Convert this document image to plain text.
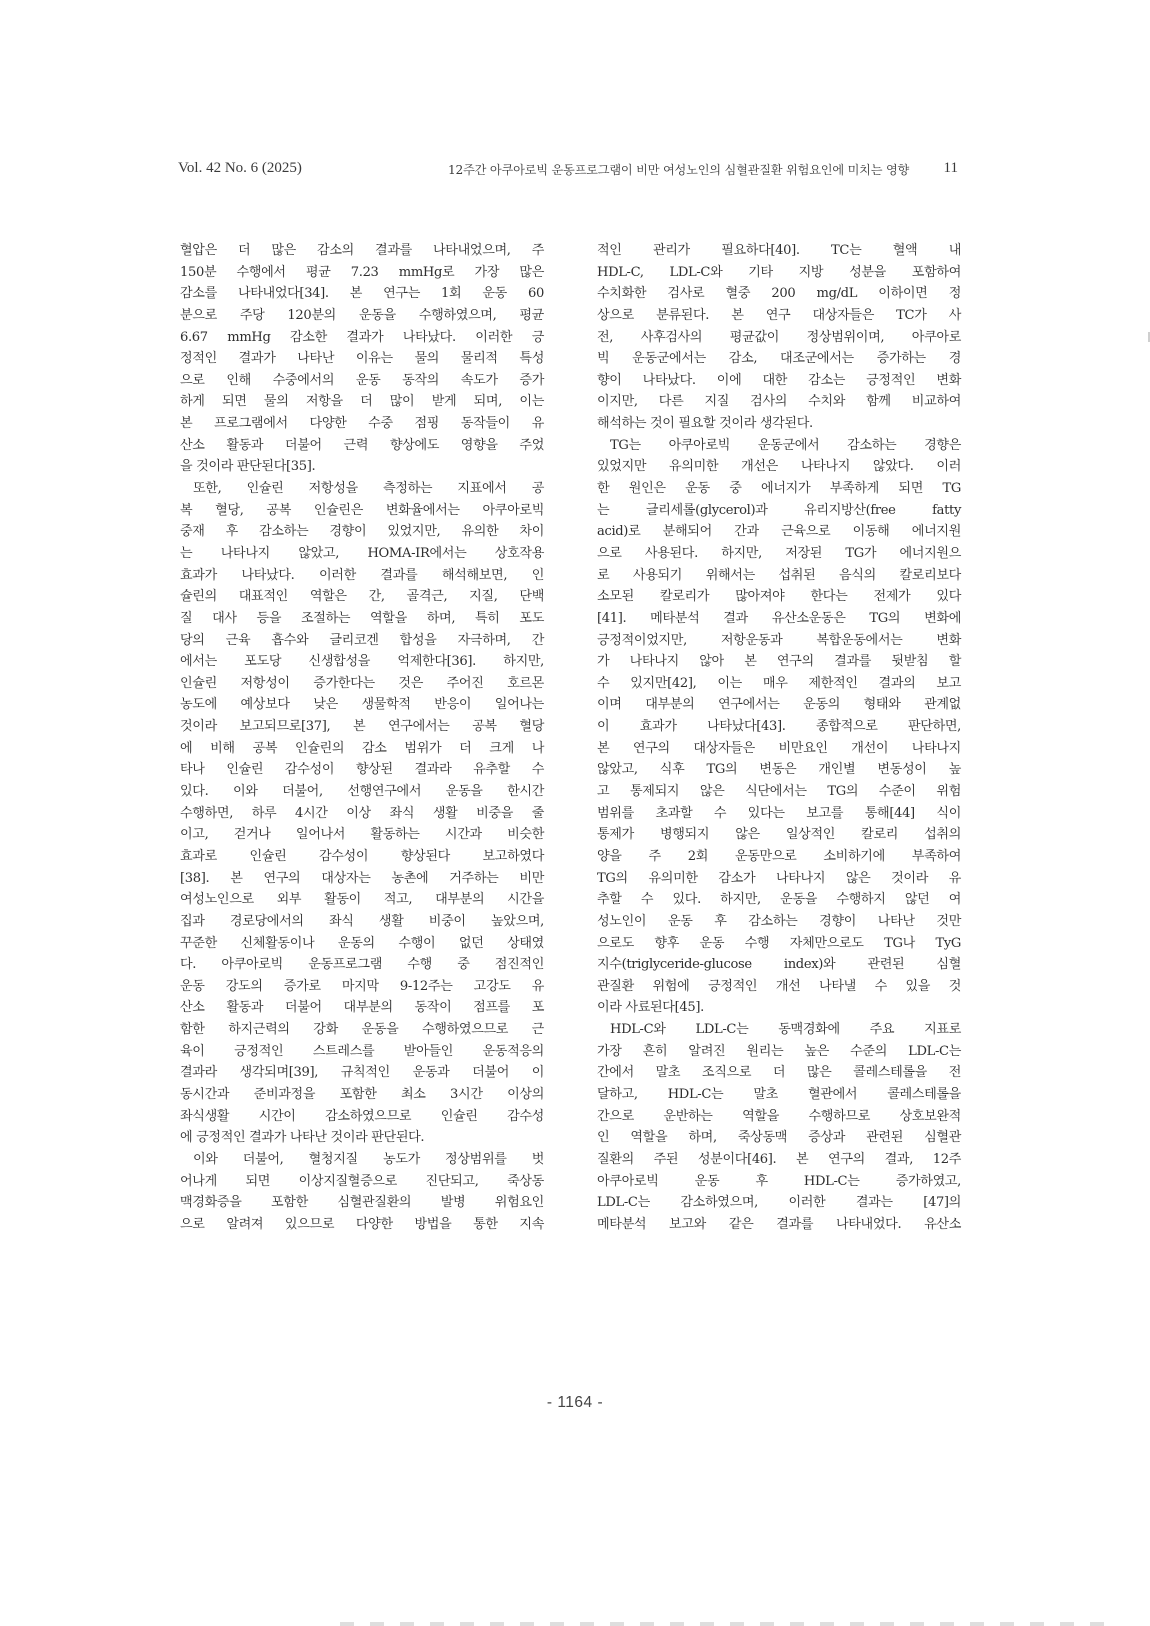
Vol. 42 No. 6 (2025)	12주간 아쿠아로빅 운동프로그램이 비만 여성노인의 심혈관질환 위험요인에 미치는 영향 11
혈압은 더 많은 감소의 결과를 나타내었으며, 주
150분 수행에서 평균 7.23 mmHg로 가장 많은
감소를 나타내었다[34]. 본 연구는 1회 운동 60
분으로 주당 120분의 운동을 수행하였으며, 평균
6.67 mmHg 감소한 결과가 나타났다. 이러한 긍
정적인 결과가 나타난 이유는 물의 물리적 특성
으로 인해 수중에서의 운동 동작의 속도가 증가
하게 되면 물의 저항을 더 많이 받게 되며, 이는
본 프로그램에서 다양한 수중 점핑 동작들이 유
산소 활동과 더불어 근력 향상에도 영향을 주었
을 것이라 판단된다[35].
또한, 인슐린 저항성을 측정하는 지표에서 공
복 혈당, 공복 인슐린은 변화율에서는 아쿠아로빅
중재 후 감소하는 경향이 있었지만, 유의한 차이
는 나타나지 않았고, HOMA-IR에서는 상호작용
효과가 나타났다. 이러한 결과를 해석해보면, 인
슐린의 대표적인 역할은 간, 골격근, 지질, 단백
질 대사 등을 조절하는 역할을 하며, 특히 포도
당의 근육 흡수와 글리코겐 합성을 자극하며, 간
에서는 포도당 신생합성을 억제한다[36]. 하지만,
인슐린 저항성이 증가한다는 것은 주어진 호르몬
농도에 예상보다 낮은 생물학적 반응이 일어나는
것이라 보고되므로[37], 본 연구에서는 공복 혈당
에 비해 공복 인슐린의 감소 범위가 더 크게 나
타나 인슐린 감수성이 향상된 결과라 유추할 수
있다. 이와 더불어, 선행연구에서 운동을 한시간
수행하면, 하루 4시간 이상 좌식 생활 비중을 줄
이고, 걷거나 일어나서 활동하는 시간과 비슷한
효과로 인슐린 감수성이 향상된다 보고하였다
[38]. 본 연구의 대상자는 농촌에 거주하는 비만
여성노인으로 외부 활동이 적고, 대부분의 시간을
집과 경로당에서의 좌식 생활 비중이 높았으며,
꾸준한 신체활동이나 운동의 수행이 없던 상태였
다. 아쿠아로빅 운동프로그램 수행 중 점진적인
운동 강도의 증가로 마지막 9-12주는 고강도 유
산소 활동과 더불어 대부분의 동작이 점프를 포
함한 하지근력의 강화 운동을 수행하였으므로 근
육이 긍정적인 스트레스를 받아들인 운동적응의
결과라 생각되며[39], 규칙적인 운동과 더불어 이
동시간과 준비과정을 포함한 최소 3시간 이상의
좌식생활 시간이 감소하였으므로 인슐린 감수성
에 긍정적인 결과가 나타난 것이라 판단된다.
이와 더불어, 혈청지질 농도가 정상범위를 벗
어나게 되면 이상지질혈증으로 진단되고, 죽상동
맥경화증을 포함한 심혈관질환의 발병 위험요인
으로 알려져 있으므로 다양한 방법을 통한 지속
적인 관리가 필요하다[40]. TC는 혈액 내
HDL-C, LDL-C와 기타 지방 성분을 포함하여
수치화한 검사로 혈중 200 mg/dL 이하이면 정
상으로 분류된다. 본 연구 대상자들은 TC가 사
전, 사후검사의 평균값이 정상범위이며, 아쿠아로
빅 운동군에서는 감소, 대조군에서는 증가하는 경
향이 나타났다. 이에 대한 감소는 긍정적인 변화
이지만, 다른 지질 검사의 수치와 함께 비교하여
해석하는 것이 필요할 것이라 생각된다.
TG는 아쿠아로빅 운동군에서 감소하는 경향은
있었지만 유의미한 개선은 나타나지 않았다. 이러
한 원인은 운동 중 에너지가 부족하게 되면 TG
는 글리세롤(glycerol)과 유리지방산(free fatty
acid)로 분해되어 간과 근육으로 이동해 에너지원
으로 사용된다. 하지만, 저장된 TG가 에너지원으
로 사용되기 위해서는 섭취된 음식의 칼로리보다
소모된 칼로리가 많아져야 한다는 전제가 있다
[41]. 메타분석 결과 유산소운동은 TG의 변화에
긍정적이었지만, 저항운동과 복합운동에서는 변화
가 나타나지 않아 본 연구의 결과를 뒷받침 할
수 있지만[42], 이는 매우 제한적인 결과의 보고
이며 대부분의 연구에서는 운동의 형태와 관계없
이 효과가 나타났다[43]. 종합적으로 판단하면,
본 연구의 대상자들은 비만요인 개선이 나타나지
않았고, 식후 TG의 변동은 개인별 변동성이 높
고 통제되지 않은 식단에서는 TG의 수준이 위험
범위를 초과할 수 있다는 보고를 통해[44] 식이
통제가 병행되지 않은 일상적인 칼로리 섭취의
양을 주 2회 운동만으로 소비하기에 부족하여
TG의 유의미한 감소가 나타나지 않은 것이라 유
추할 수 있다. 하지만, 운동을 수행하지 않던 여
성노인이 운동 후 감소하는 경향이 나타난 것만
으로도 향후 운동 수행 자체만으로도 TG나 TyG
지수(triglyceride-glucose index)와 관련된 심혈
관질환 위험에 긍정적인 개선 나타낼 수 있을 것
이라 사료된다[45].
HDL-C와 LDL-C는 동맥경화에 주요 지표로
가장 흔히 알려진 원리는 높은 수준의 LDL-C는
간에서 말초 조직으로 더 많은 콜레스테롤을 전
달하고, HDL-C는 말초 혈관에서 콜레스테롤을
간으로 운반하는 역할을 수행하므로 상호보완적
인 역할을 하며, 죽상동맥 증상과 관련된 심혈관
질환의 주된 성분이다[46]. 본 연구의 결과, 12주
아쿠아로빅 운동 후 HDL-C는 증가하였고,
LDL-C는 감소하였으며, 이러한 결과는 [47]의
메타분석 보고와 같은 결과를 나타내었다. 유산소
- 1164 -
